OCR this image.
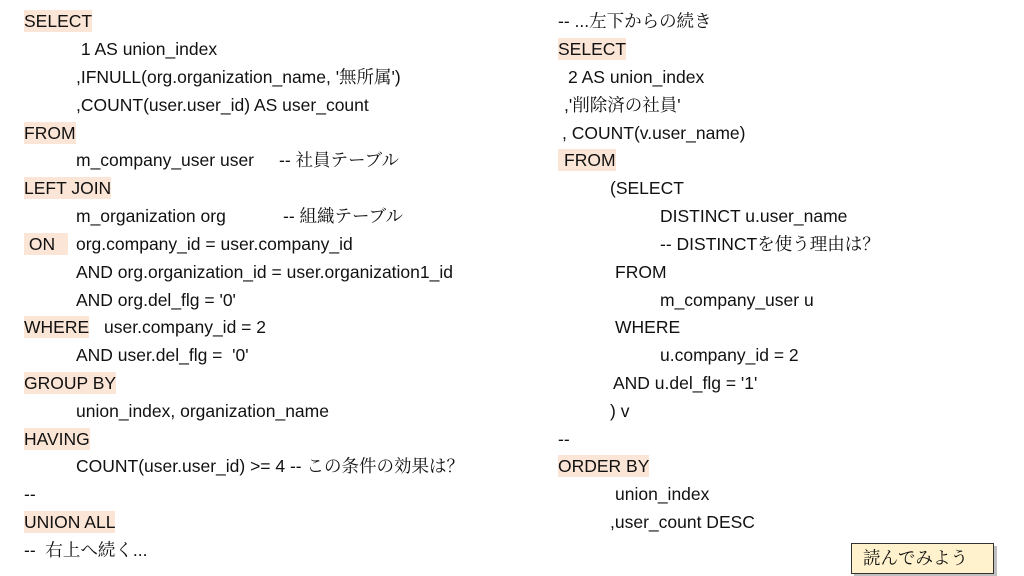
SELECT
1 AS union_index
,IFNULL(org.organization_name, '無所属')
,COUNT(user.user_id) AS user_count
FROM
m_company_user user -- 社員テーブル
LEFT JOIN
m_organization org	-- 組織テーブル
ON	org.company_id = user.company_id
AND org.organization_id = user.organization1_id
AND org.del_flg = '0'
WHERE user.company_id = 2
AND user.del_flg =  '0'
GROUP BY
union_index, organization_name
HAVING
COUNT(user.user_id) >= 4 -- この条件の効果は？
--
UNION ALL
--  右上へ続く...
-- ...左下からの続き
SELECT
2 AS union_index
,'削除済の社員'
, COUNT(v.user_name)
FROM
(SELECT
DISTINCT u.user_name
-- DISTINCTを使う理由は？
FROM
m_company_user u
WHERE
u.company_id = 2
AND u.del_flg = '1'
) v
--
ORDER BY
union_index
,user_count DESC
読んでみよう
